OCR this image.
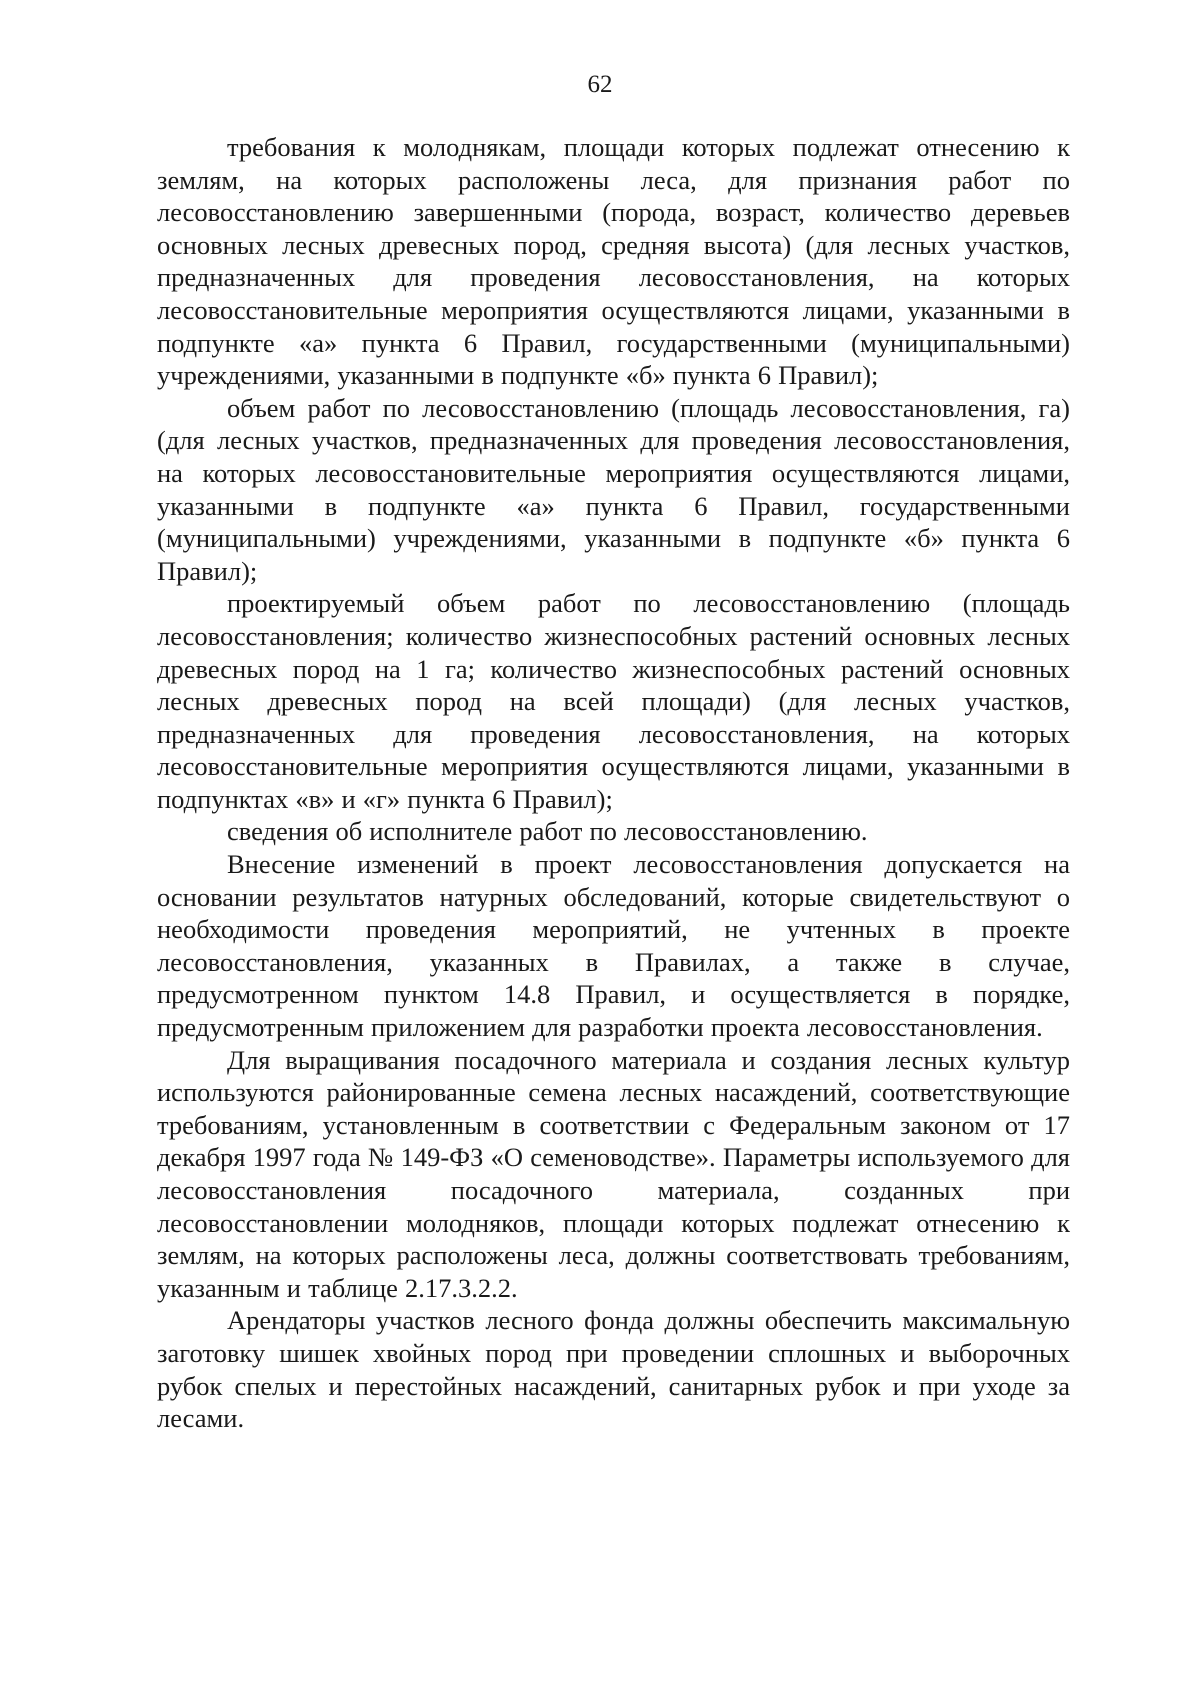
62

требования к молоднякам, площади которых подлежат отнесению к землям, на которых расположены леса, для признания работ по лесовосстановлению завершенными (порода, возраст, количество деревьев основных лесных древесных пород, средняя высота) (для лесных участков, предназначенных для проведения лесовосстановления, на которых лесовосстановительные мероприятия осуществляются лицами, указанными в подпункте «а» пункта 6 Правил, государственными (муниципальными) учреждениями, указанными в подпункте «б» пункта 6 Правил);

объем работ по лесовосстановлению (площадь лесовосстановления, га) (для лесных участков, предназначенных для проведения лесовосстановления, на которых лесовосстановительные мероприятия осуществляются лицами, указанными в подпункте «а» пункта 6 Правил, государственными (муниципальными) учреждениями, указанными в подпункте «б» пункта 6 Правил);

проектируемый объем работ по лесовосстановлению (площадь лесовосстановления; количество жизнеспособных растений основных лесных древесных пород на 1 га; количество жизнеспособных растений основных лесных древесных пород на всей площади) (для лесных участков, предназначенных для проведения лесовосстановления, на которых лесовосстановительные мероприятия осуществляются лицами, указанными в подпунктах «в» и «г» пункта 6 Правил);

сведения об исполнителе работ по лесовосстановлению.

Внесение изменений в проект лесовосстановления допускается на основании результатов натурных обследований, которые свидетельствуют о необходимости проведения мероприятий, не учтенных в проекте лесовосстановления, указанных в Правилах, а также в случае, предусмотренном пунктом 14.8 Правил, и осуществляется в порядке, предусмотренным приложением для разработки проекта лесовосстановления.

Для выращивания посадочного материала и создания лесных культур используются районированные семена лесных насаждений, соответствующие требованиям, установленным в соответствии с Федеральным законом от 17 декабря 1997 года № 149-ФЗ «О семеноводстве». Параметры используемого для лесовосстановления посадочного материала, созданных при лесовосстановлении молодняков, площади которых подлежат отнесению к землям, на которых расположены леса, должны соответствовать требованиям, указанным и таблице 2.17.3.2.2.

Арендаторы участков лесного фонда должны обеспечить максимальную заготовку шишек хвойных пород при проведении сплошных и выборочных рубок спелых и перестойных насаждений, санитарных рубок и при уходе за лесами.
